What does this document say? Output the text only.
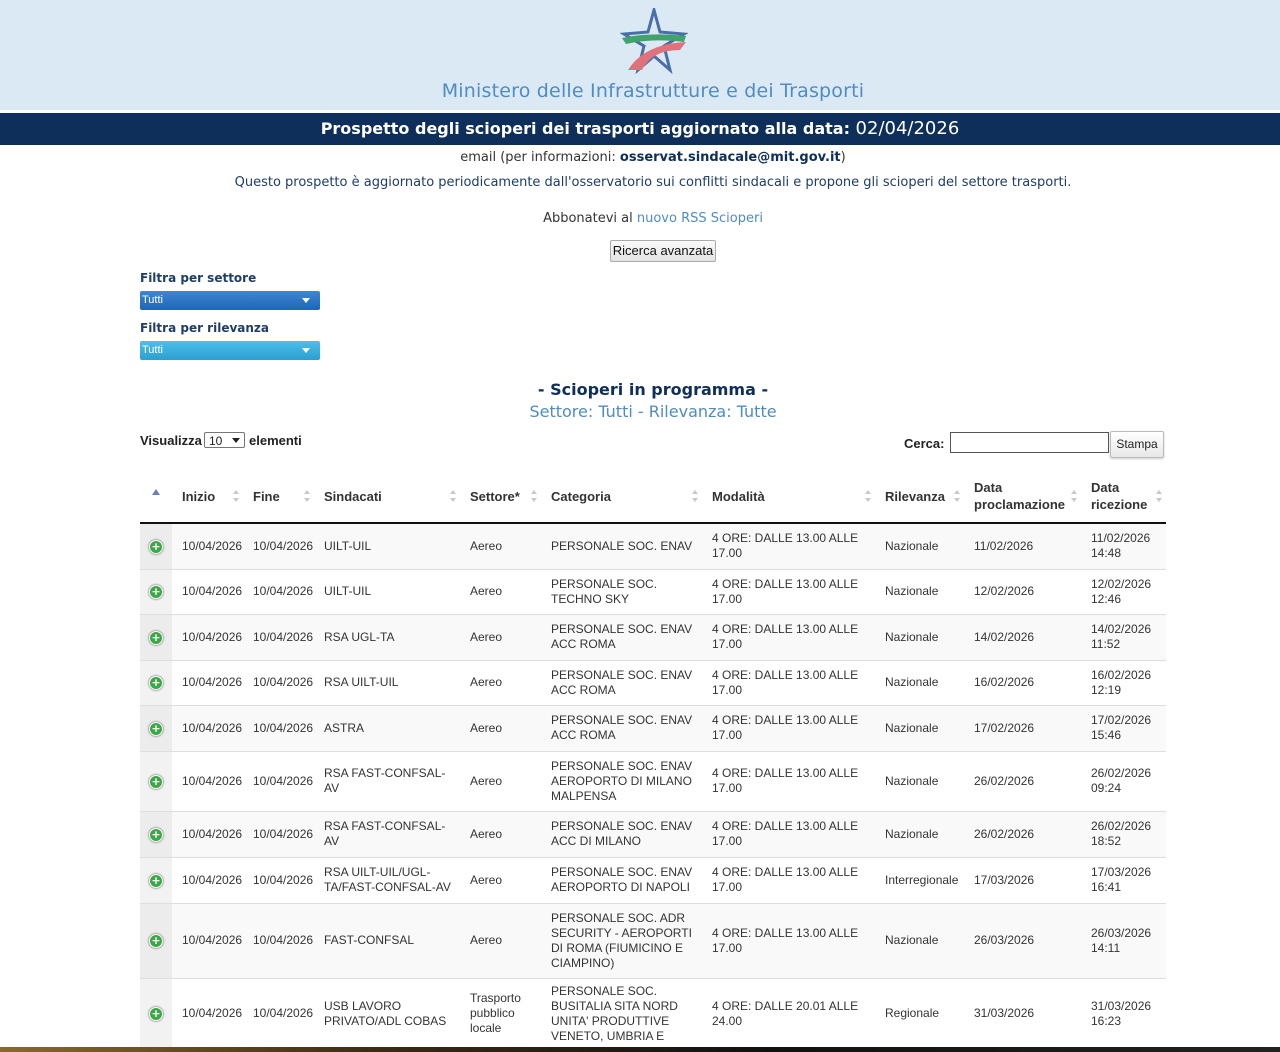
Ministero delle Infrastrutture e dei Trasporti
Prospetto degli scioperi dei trasporti aggiornato alla data: 02/04/2026
email (per informazioni: osservat.sindacale@mit.gov.it)
Questo prospetto è aggiornato periodicamente dall'osservatorio sui conflitti sindacali e propone gli scioperi del settore trasporti.
Abbonatevi al nuovo RSS Scioperi
Ricerca avanzata
Filtra per settore
Tutti
Filtra per rilevanza
Tutti
- Scioperi in programma -
Settore: Tutti - Rilevanza: Tutte
Visualizza 10	elementi	Cerca:	Stampa
	Inizio	Fine	Sindacati	Settore*	Categoria	Modalità	Rilevanza	Data proclamazione	Data ricezione

+	10/04/2026	10/04/2026	UILT-UIL	Aereo	PERSONALE SOC. ENAV	4 ORE: DALLE 13.00 ALLE 17.00	Nazionale	11/02/2026	11/02/2026 14:48
+	10/04/2026	10/04/2026	UILT-UIL	Aereo	PERSONALE SOC. TECHNO SKY	4 ORE: DALLE 13.00 ALLE 17.00	Nazionale	12/02/2026	12/02/2026 12:46
+	10/04/2026	10/04/2026	RSA UGL-TA	Aereo	PERSONALE SOC. ENAV ACC ROMA	4 ORE: DALLE 13.00 ALLE 17.00	Nazionale	14/02/2026	14/02/2026 11:52
+	10/04/2026	10/04/2026	RSA UILT-UIL	Aereo	PERSONALE SOC. ENAV ACC ROMA	4 ORE: DALLE 13.00 ALLE 17.00	Nazionale	16/02/2026	16/02/2026 12:19
+	10/04/2026	10/04/2026	ASTRA	Aereo	PERSONALE SOC. ENAV ACC ROMA	4 ORE: DALLE 13.00 ALLE 17.00	Nazionale	17/02/2026	17/02/2026 15:46
+	10/04/2026	10/04/2026	RSA FAST-CONFSAL-AV	Aereo	PERSONALE SOC. ENAV AEROPORTO DI MILANO MALPENSA	4 ORE: DALLE 13.00 ALLE 17.00	Nazionale	26/02/2026	26/02/2026 09:24
+	10/04/2026	10/04/2026	RSA FAST-CONFSAL-AV	Aereo	PERSONALE SOC. ENAV ACC DI MILANO	4 ORE: DALLE 13.00 ALLE 17.00	Nazionale	26/02/2026	26/02/2026 18:52
+	10/04/2026	10/04/2026	RSA UILT-UIL/UGL-TA/FAST-CONFSAL-AV	Aereo	PERSONALE SOC. ENAV AEROPORTO DI NAPOLI	4 ORE: DALLE 13.00 ALLE 17.00	Interregionale	17/03/2026	17/03/2026 16:41
+	10/04/2026	10/04/2026	FAST-CONFSAL	Aereo	PERSONALE SOC. ADR SECURITY - AEROPORTI DI ROMA (FIUMICINO E CIAMPINO)	4 ORE: DALLE 13.00 ALLE 17.00	Nazionale	26/03/2026	26/03/2026 14:11
+	10/04/2026	10/04/2026	USB LAVORO PRIVATO/ADL COBAS	Trasporto pubblico locale	PERSONALE SOC. BUSITALIA SITA NORD UNITA' PRODUTTIVE VENETO, UMBRIA E	4 ORE: DALLE 20.01 ALLE 24.00	Regionale	31/03/2026	31/03/2026 16:23
